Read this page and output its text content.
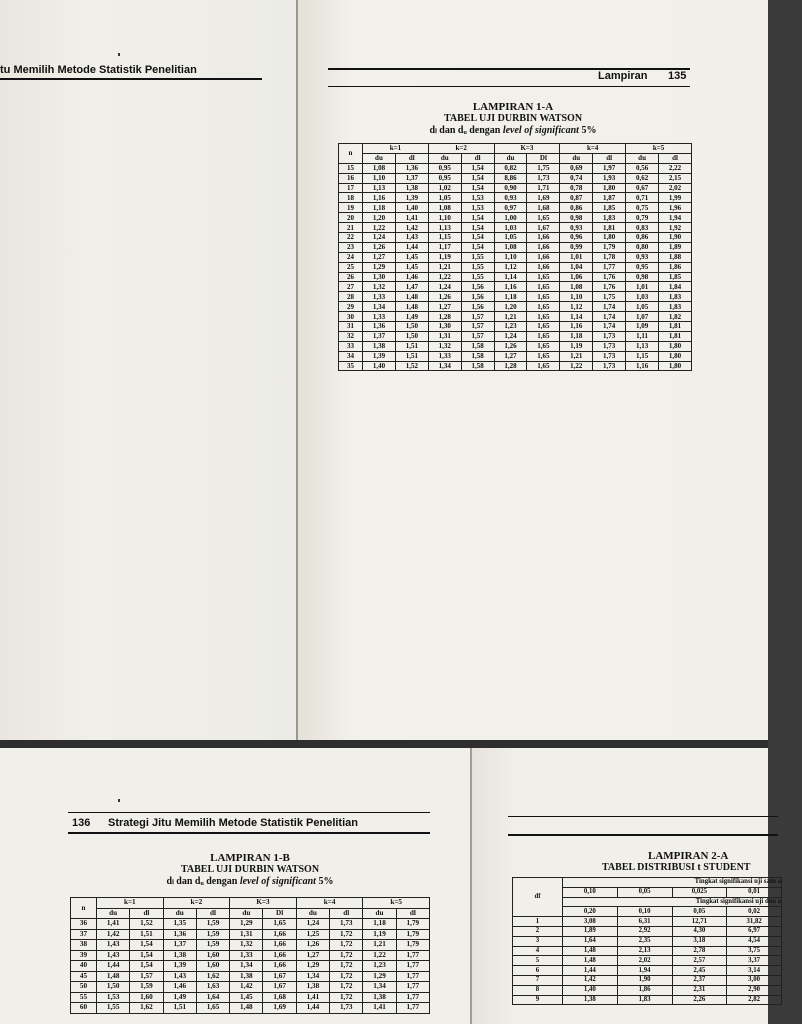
tu Memilih Metode Statistik Penelitian	Lampiran 135
LAMPIRAN 1-A
TABEL UJI DURBIN WATSON
dₗ dan dᵤ dengan level of significant 5%
n	k=1		k=2		K=3		k=4		k=5	
	du	dl	du	dl	du	Dl	du	dl	du	dl
15	1,08	1,36	0,95	1,54	0,82	1,75	0,69	1,97	0,56	2,22
16	1,10	1,37	0,95	1,54	8,86	1,73	0,74	1,93	0,62	2,15
17	1,13	1,38	1,02	1,54	0,90	1,71	0,78	1,80	0,67	2,02
18	1,16	1,39	1,05	1,53	0,93	1,69	0,87	1,87	0,71	1,99
19	1,18	1,40	1,08	1,53	0,97	1,68	0,86	1,85	0,75	1,96
20	1,20	1,41	1,10	1,54	1,00	1,65	0,98	1,83	0,79	1,94
21	1,22	1,42	1,13	1,54	1,03	1,67	0,93	1,81	0,83	1,92
22	1,24	1,43	1,15	1,54	1,05	1,66	0,96	1,80	0,86	1,90
23	1,26	1,44	1,17	1,54	1,08	1,66	0,99	1,79	0,80	1,89
24	1,27	1,45	1,19	1,55	1,10	1,66	1,01	1,78	0,93	1,88
25	1,29	1,45	1,21	1,55	1,12	1,66	1,04	1,77	0,95	1,86
26	1,30	1,46	1,22	1,55	1,14	1,65	1,06	1,76	0,98	1,85
27	1,32	1,47	1,24	1,56	1,16	1,65	1,08	1,76	1,01	1,84
28	1,33	1,48	1,26	1,56	1,18	1,65	1,10	1,75	1,03	1,83
29	1,34	1,48	1,27	1,56	1,20	1,65	1,12	1,74	1,05	1,83
30	1,33	1,49	1,28	1,57	1,21	1,65	1,14	1,74	1,07	1,82
31	1,36	1,50	1,30	1,57	1,23	1,65	1,16	1,74	1,09	1,81
32	1,37	1,50	1,31	1,57	1,24	1,65	1,18	1,73	1,11	1,81
33	1,38	1,51	1,32	1,58	1,26	1,65	1,19	1,73	1,13	1,80
34	1,39	1,51	1,33	1,58	1,27	1,65	1,21	1,73	1,15	1,80
35	1,40	1,52	1,34	1,58	1,28	1,65	1,22	1,73	1,16	1,80
136 Strategi Jitu Memilih Metode Statistik Penelitian
LAMPIRAN 1-B
TABEL UJI DURBIN WATSON
dₗ dan dᵤ dengan level of significant 5%
n	k=1		k=2		K=3		k=4		k=5	
	du	dl	du	dl	du	Dl	du	dl	du	dl
36	1,41	1,52	1,35	1,59	1,29	1,65	1,24	1,73	1,18	1,79
37	1,42	1,51	1,36	1,59	1,31	1,66	1,25	1,72	1,19	1,79
38	1,43	1,54	1,37	1,59	1,32	1,66	1,26	1,72	1,21	1,79
39	1,43	1,54	1,38	1,60	1,33	1,66	1,27	1,72	1,22	1,77
40	1,44	1,54	1,39	1,60	1,34	1,66	1,29	1,72	1,23	1,77
45	1,48	1,57	1,43	1,62	1,38	1,67	1,34	1,72	1,29	1,77
50	1,50	1,59	1,46	1,63	1,42	1,67	1,38	1,72	1,34	1,77
55	1,53	1,60	1,49	1,64	1,45	1,68	1,41	1,72	1,38	1,77
60	1,55	1,62	1,51	1,65	1,48	1,69	1,44	1,73	1,41	1,77
LAMPIRAN 2-A
TABEL DISTRIBUSI t STUDENT
df	Tingkat signifikansi uji satu a			
	0,10	0,05	0,025	0,01
	Tingkat signifikansi uji dua a			
	0,20	0,10	0,05	0,02
1	3,08	6,31	12,71	31,82
2	1,89	2,92	4,30	6,97
3	1,64	2,35	3,18	4,54
4	1,48	2,13	2,78	3,75
5	1,48	2,02	2,57	3,37
6	1,44	1,94	2,45	3,14
7	1,42	1,90	2,37	3,00
8	1,40	1,86	2,31	2,90
9	1,38	1,83	2,26	2,82
